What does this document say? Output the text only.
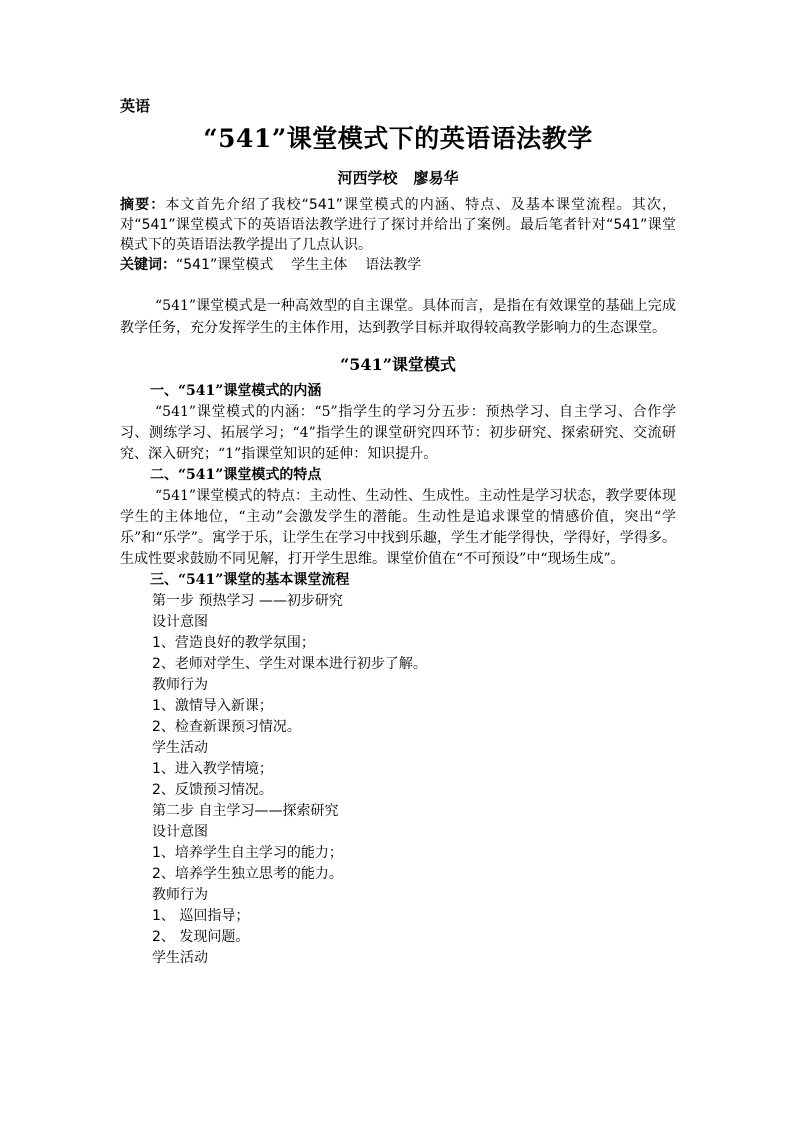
英语
“541”课堂模式下的英语语法教学
河西学校 廖易华
摘要：本文首先介绍了我校“541”课堂模式的内涵、特点、及基本课堂流程。其次，对“541”课堂模式下的英语语法教学进行了探讨并给出了案例。最后笔者针对“541”课堂模式下的英语语法教学提出了几点认识。
关键词：“541”课堂模式 学生主体 语法教学
“541”课堂模式是一种高效型的自主课堂。具体而言，是指在有效课堂的基础上完成教学任务，充分发挥学生的主体作用，达到教学目标并取得较高教学影响力的生态课堂。
“541”课堂模式
一、“541”课堂模式的内涵
“541”课堂模式的内涵：“5”指学生的学习分五步：预热学习、自主学习、合作学习、测练学习、拓展学习；“4”指学生的课堂研究四环节：初步研究、探索研究、交流研究、深入研究；“1”指课堂知识的延伸：知识提升。
二、“541”课堂模式的特点
“541”课堂模式的特点：主动性、生动性、生成性。主动性是学习状态，教学要体现学生的主体地位，“主动”会激发学生的潜能。生动性是追求课堂的情感价值，突出“学乐”和“乐学”。寓学于乐，让学生在学习中找到乐趣，学生才能学得快，学得好，学得多。生成性要求鼓励不同见解，打开学生思维。课堂价值在“不可预设”中“现场生成”。
三、“541”课堂的基本课堂流程
第一步 预热学习 ——初步研究
设计意图
1、营造良好的教学氛围；
2、老师对学生、学生对课本进行初步了解。
教师行为
1、激情导入新课；
2、检查新课预习情况。
学生活动
1、进入教学情境；
2、反馈预习情况。
第二步 自主学习——探索研究
设计意图
1、培养学生自主学习的能力；
2、培养学生独立思考的能力。
教师行为
1、 巡回指导；
2、 发现问题。
学生活动
